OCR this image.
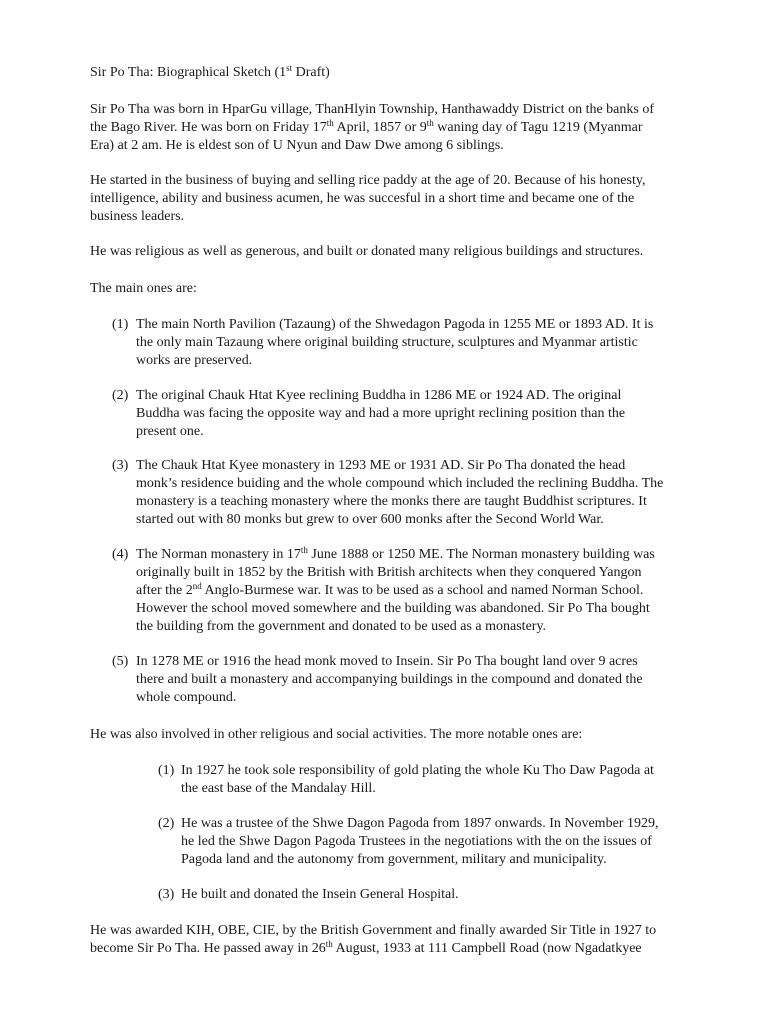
Sir Po Tha: Biographical Sketch (1st Draft)
Sir Po Tha was born in HparGu village, ThanHlyin Township, Hanthawaddy District on the banks of
the Bago River. He was born on Friday 17th April, 1857 or 9th waning day of Tagu 1219 (Myanmar
Era) at 2 am. He is eldest son of U Nyun and Daw Dwe among 6 siblings.
He started in the business of buying and selling rice paddy at the age of 20. Because of his honesty,
intelligence, ability and business acumen, he was succesful in a short time and became one of the
business leaders.
He was religious as well as generous, and built or donated many religious buildings and structures.
The main ones are:
(1) The main North Pavilion (Tazaung) of the Shwedagon Pagoda in 1255 ME or 1893 AD. It is
the only main Tazaung where original building structure, sculptures and Myanmar artistic
works are preserved.
(2) The original Chauk Htat Kyee reclining Buddha in 1286 ME or 1924 AD. The original
Buddha was facing the opposite way and had a more upright reclining position than the
present one.
(3) The Chauk Htat Kyee monastery in 1293 ME or 1931 AD. Sir Po Tha donated the head
monk’s residence buiding and the whole compound which included the reclining Buddha. The
monastery is a teaching monastery where the monks there are taught Buddhist scriptures. It
started out with 80 monks but grew to over 600 monks after the Second World War.
(4) The Norman monastery in 17th June 1888 or 1250 ME. The Norman monastery building was
originally built in 1852 by the British with British architects when they conquered Yangon
after the 2nd Anglo-Burmese war. It was to be used as a school and named Norman School.
However the school moved somewhere and the building was abandoned. Sir Po Tha bought
the building from the government and donated to be used as a monastery.
(5) In 1278 ME or 1916 the head monk moved to Insein. Sir Po Tha bought land over 9 acres
there and built a monastery and accompanying buildings in the compound and donated the
whole compound.
He was also involved in other religious and social activities. The more notable ones are:
(1) In 1927 he took sole responsibility of gold plating the whole Ku Tho Daw Pagoda at
the east base of the Mandalay Hill.
(2) He was a trustee of the Shwe Dagon Pagoda from 1897 onwards. In November 1929,
he led the Shwe Dagon Pagoda Trustees in the negotiations with the on the issues of
Pagoda land and the autonomy from government, military and municipality.
(3) He built and donated the Insein General Hospital.
He was awarded KIH, OBE, CIE, by the British Government and finally awarded Sir Title in 1927 to
become Sir Po Tha. He passed away in 26th August, 1933 at 111 Campbell Road (now Ngadatkyee
